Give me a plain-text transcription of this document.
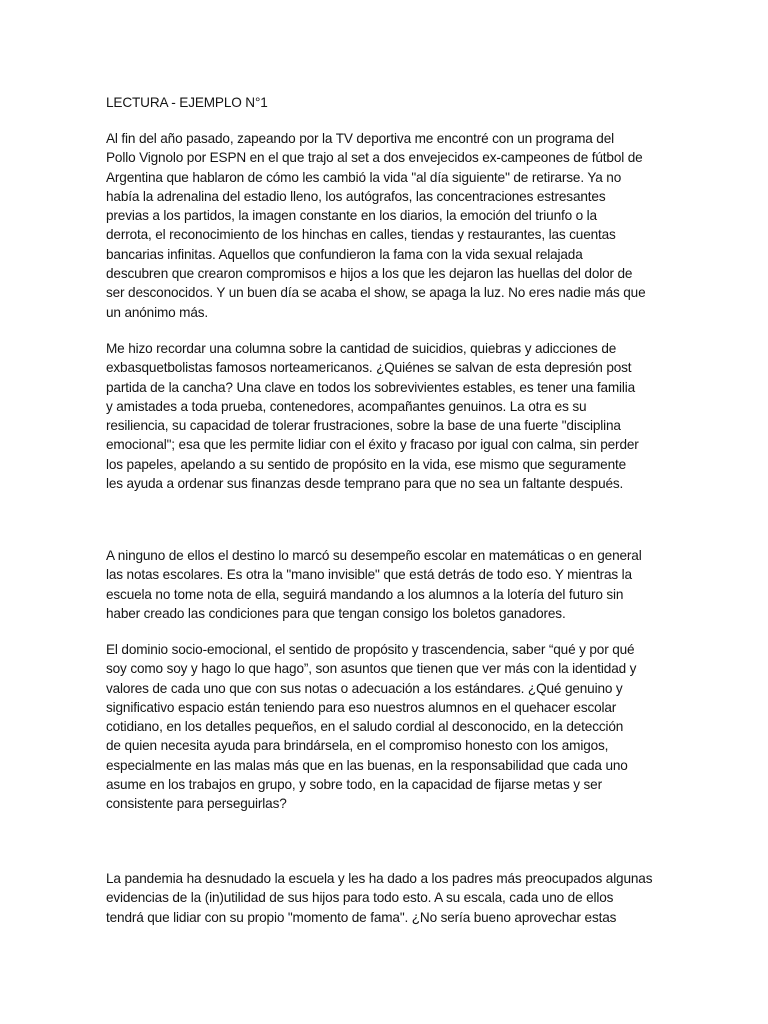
LECTURA - EJEMPLO N°1
Al fin del año pasado, zapeando por la TV deportiva me encontré con un programa del
Pollo Vignolo por ESPN en el que trajo al set a dos envejecidos ex-campeones de fútbol de
Argentina que hablaron de cómo les cambió la vida "al día siguiente" de retirarse. Ya no
había la adrenalina del estadio lleno, los autógrafos, las concentraciones estresantes
previas a los partidos, la imagen constante en los diarios, la emoción del triunfo o la
derrota, el reconocimiento de los hinchas en calles, tiendas y restaurantes, las cuentas
bancarias infinitas. Aquellos que confundieron la fama con la vida sexual relajada
descubren que crearon compromisos e hijos a los que les dejaron las huellas del dolor de
ser desconocidos. Y un buen día se acaba el show, se apaga la luz. No eres nadie más que
un anónimo más.
Me hizo recordar una columna sobre la cantidad de suicidios, quiebras y adicciones de
exbasquetbolistas famosos norteamericanos. ¿Quiénes se salvan de esta depresión post
partida de la cancha? Una clave en todos los sobrevivientes estables, es tener una familia
y amistades a toda prueba, contenedores, acompañantes genuinos. La otra es su
resiliencia, su capacidad de tolerar frustraciones, sobre la base de una fuerte "disciplina
emocional"; esa que les permite lidiar con el éxito y fracaso por igual con calma, sin perder
los papeles, apelando a su sentido de propósito en la vida, ese mismo que seguramente
les ayuda a ordenar sus finanzas desde temprano para que no sea un faltante después.
A ninguno de ellos el destino lo marcó su desempeño escolar en matemáticas o en general
las notas escolares. Es otra la "mano invisible" que está detrás de todo eso. Y mientras la
escuela no tome nota de ella, seguirá mandando a los alumnos a la lotería del futuro sin
haber creado las condiciones para que tengan consigo los boletos ganadores.
El dominio socio-emocional, el sentido de propósito y trascendencia, saber “qué y por qué
soy como soy y hago lo que hago”, son asuntos que tienen que ver más con la identidad y
valores de cada uno que con sus notas o adecuación a los estándares. ¿Qué genuino y
significativo espacio están teniendo para eso nuestros alumnos en el quehacer escolar
cotidiano, en los detalles pequeños, en el saludo cordial al desconocido, en la detección
de quien necesita ayuda para brindársela, en el compromiso honesto con los amigos,
especialmente en las malas más que en las buenas, en la responsabilidad que cada uno
asume en los trabajos en grupo, y sobre todo, en la capacidad de fijarse metas y ser
consistente para perseguirlas?
La pandemia ha desnudado la escuela y les ha dado a los padres más preocupados algunas
evidencias de la (in)utilidad de sus hijos para todo esto. A su escala, cada uno de ellos
tendrá que lidiar con su propio "momento de fama". ¿No sería bueno aprovechar estas
